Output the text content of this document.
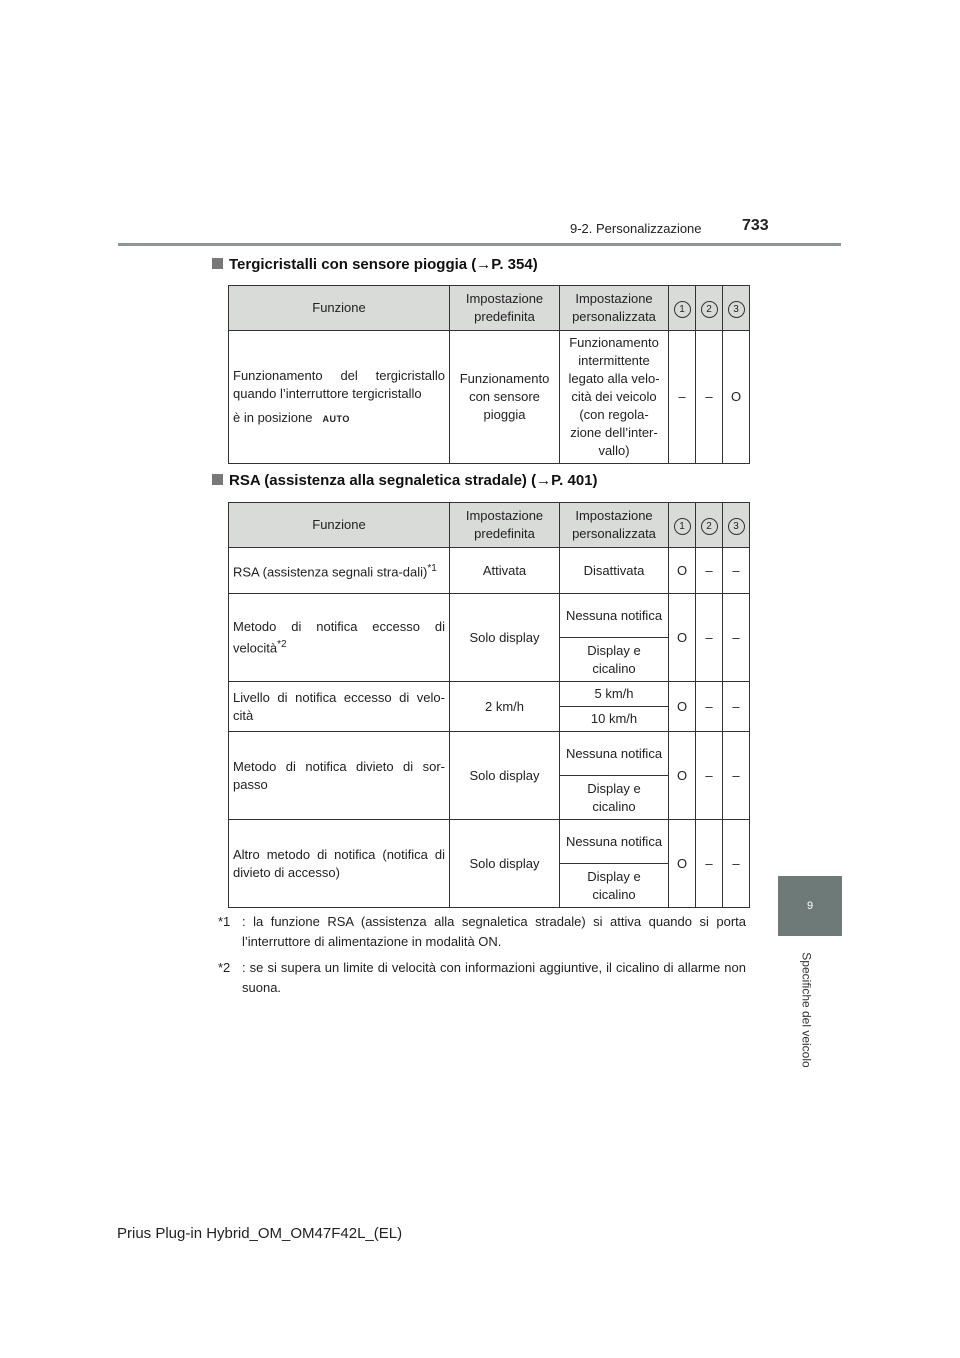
9-2. Personalizzazione	733
9
Specifiche del veicolo
Tergicristalli con sensore pioggia (→P. 354)
Funzione	Impostazione predefinita	Impostazione personalizzata	1	2	3
Funzionamento del tergicristallo quando l’interruttore tergicristallo
è in posizione AUTO	Funzionamento con sensore pioggia	Funzionamento intermittente legato alla velo-cità dei veicolo (con regola-zione dell’inter-vallo)	–	–	O
RSA (assistenza alla segnaletica stradale) (→P. 401)
Funzione	Impostazione predefinita	Impostazione personalizzata	1	2	3
RSA (assistenza segnali stra-dali)$^{*1}$	Attivata	Disattivata	O	–	–
Metodo di notifica eccesso di velocità$^{*2}$	Solo display	Nessuna notifica	O	–	–
		Display e cicalino			
Livello di notifica eccesso di velo-cità	2 km/h	5 km/h	O	–	–
		10 km/h			
Metodo di notifica divieto di sor-passo	Solo display	Nessuna notifica	O	–	–
		Display e cicalino			
Altro metodo di notifica (notifica di divieto di accesso)	Solo display	Nessuna notifica	O	–	–
		Display e cicalino			
*1 : la funzione RSA (assistenza alla segnaletica stradale) si attiva quando si porta l’interruttore di alimentazione in modalità ON.
*2 : se si supera un limite di velocità con informazioni aggiuntive, il cicalino di allarme non suona.
Prius Plug-in Hybrid_OM_OM47F42L_(EL)
